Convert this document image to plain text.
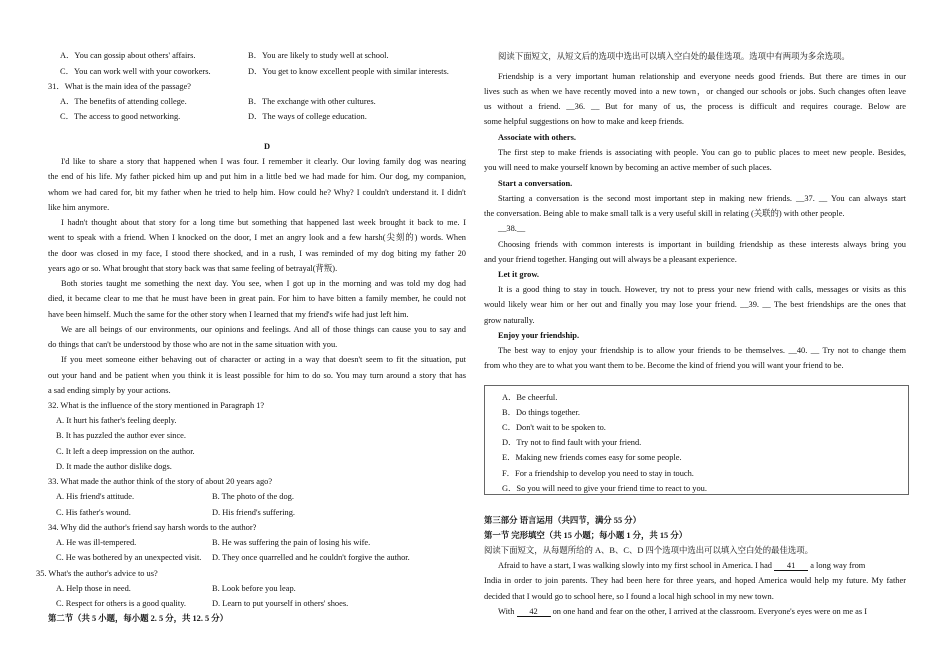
A．You can gossip about others' affairs.	B．You are likely to study well at school.
C．You can work well with your coworkers.	D．You get to know excellent people with similar interests.
31．What is the main idea of the passage?
A．The benefits of attending college.	B．The exchange with other cultures.
C．The access to good networking.	D．The ways of college education.
D
I'd like to share a story that happened when I was four. I remember it clearly. Our loving family dog was nearing
the end of his life. My father picked him up and put him in a little bed we had made for him. Our dog, my companion,
whom we had cared for, bit my father when he tried to help him. How could he? Why? I couldn't understand it. I didn't
like him anymore.
I hadn't thought about that story for a long time but something that happened last week brought it back to me. I
went to speak with a friend. When I knocked on the door, I met an angry look and a few harsh(尖刻的) words. When
the door was closed in my face, I stood there shocked, and in a rush, I was reminded of my dog biting my father 20
years ago or so. What brought that story back was that same feeling of betrayal(背叛).
Both stories taught me something the next day. You see, when I got up in the morning and was told my dog had
died, it became clear to me that he must have been in great pain. For him to have bitten a family member, he could not
have been himself. Much the same for the other story when I learned that my friend's wife had just left him.
We are all beings of our environments, our opinions and feelings. And all of those things can cause you to say and
do things that can't be understood by those who are not in the same situation with you.
If you meet someone either behaving out of character or acting in a way that doesn't seem to fit the situation, put
out your hand and be patient when you think it is least possible for him to do so. You may turn around a story that has
a sad ending simply by your actions.
32. What is the influence of the story mentioned in Paragraph 1?
A. It hurt his father's feeling deeply.
B. It has puzzled the author ever since.
C. It left a deep impression on the author.
D. It made the author dislike dogs.
33. What made the author think of the story of about 20 years ago?
A. His friend's attitude.	B. The photo of the dog.
C. His father's wound.	D. His friend's suffering.
34. Why did the author's friend say harsh words to the author?
A. He was ill-tempered.	B. He was suffering the pain of losing his wife.
C. He was bothered by an unexpected visit. D. They once quarrelled and he couldn't forgive the author.
35. What's the author's advice to us?
A. Help those in need.	B. Look before you leap.
C. Respect for others is a good quality.	D. Learn to put yourself in others' shoes.
第二节（共 5 小题，每小题 2. 5 分，共 12. 5 分）
阅读下面短文，从短文后的选项中选出可以填入空白处的最佳选项。选项中有两项为多余选项。
Friendship is a very important human relationship and everyone needs good friends. But there are times in our
lives such as when we have recently moved into a new town，or changed our schools or jobs. Such changes often leave
us without a friend. __36. __ But for many of us, the process is difficult and requires courage. Below are
some helpful suggestions on how to make and keep friends.
Associate with others.
The first step to make friends is associating with people. You can go to public places to meet new people. Besides,
you will need to make yourself known by becoming an active member of such places.
Start a conversation.
Starting a conversation is the second most important step in making new friends. __37. __ You can always start
the conversation. Being able to make small talk is a very useful skill in relating (关联的) with other people.
__38.__
Choosing friends with common interests is important in building friendship as these interests always bring you
and your friend together. Hanging out will always be a pleasant experience.
Let it grow.
It is a good thing to stay in touch. However, try not to press your new friend with calls, messages or visits as this
would likely wear him or her out and finally you may lose your friend. __39. __ The best friendships are the ones that
grow naturally.
Enjoy your friendship.
The best way to enjoy your friendship is to allow your friends to be themselves. __40. __ Try not to change them
from who they are to what you want them to be. Become the kind of friend you will want your friend to be.
A．Be cheerful.
B．Do things together.
C．Don't wait to be spoken to.
D．Try not to find fault with your friend.
E．Making new friends comes easy for some people.
F．For a friendship to develop you need to stay in touch.
G．So you will need to give your friend time to react to you.
第三部分 语言运用（共四节，满分 55 分）
第一节 完形填空（共 15 小题；每小题 1 分，共 15 分）
阅读下面短文，从每题所给的 A、B、C、D 四个选项中选出可以填入空白处的最佳选项。
Afraid to have a start, I was walking slowly into my first school in America. I had 41 a long way from
India in order to join parents. They had been here for three years, and hoped America would help my future. My father
decided that I would go to school here, so I found a local high school in my new town.
With 42 on one hand and fear on the other, I arrived at the classroom. Everyone's eyes were on me as I
